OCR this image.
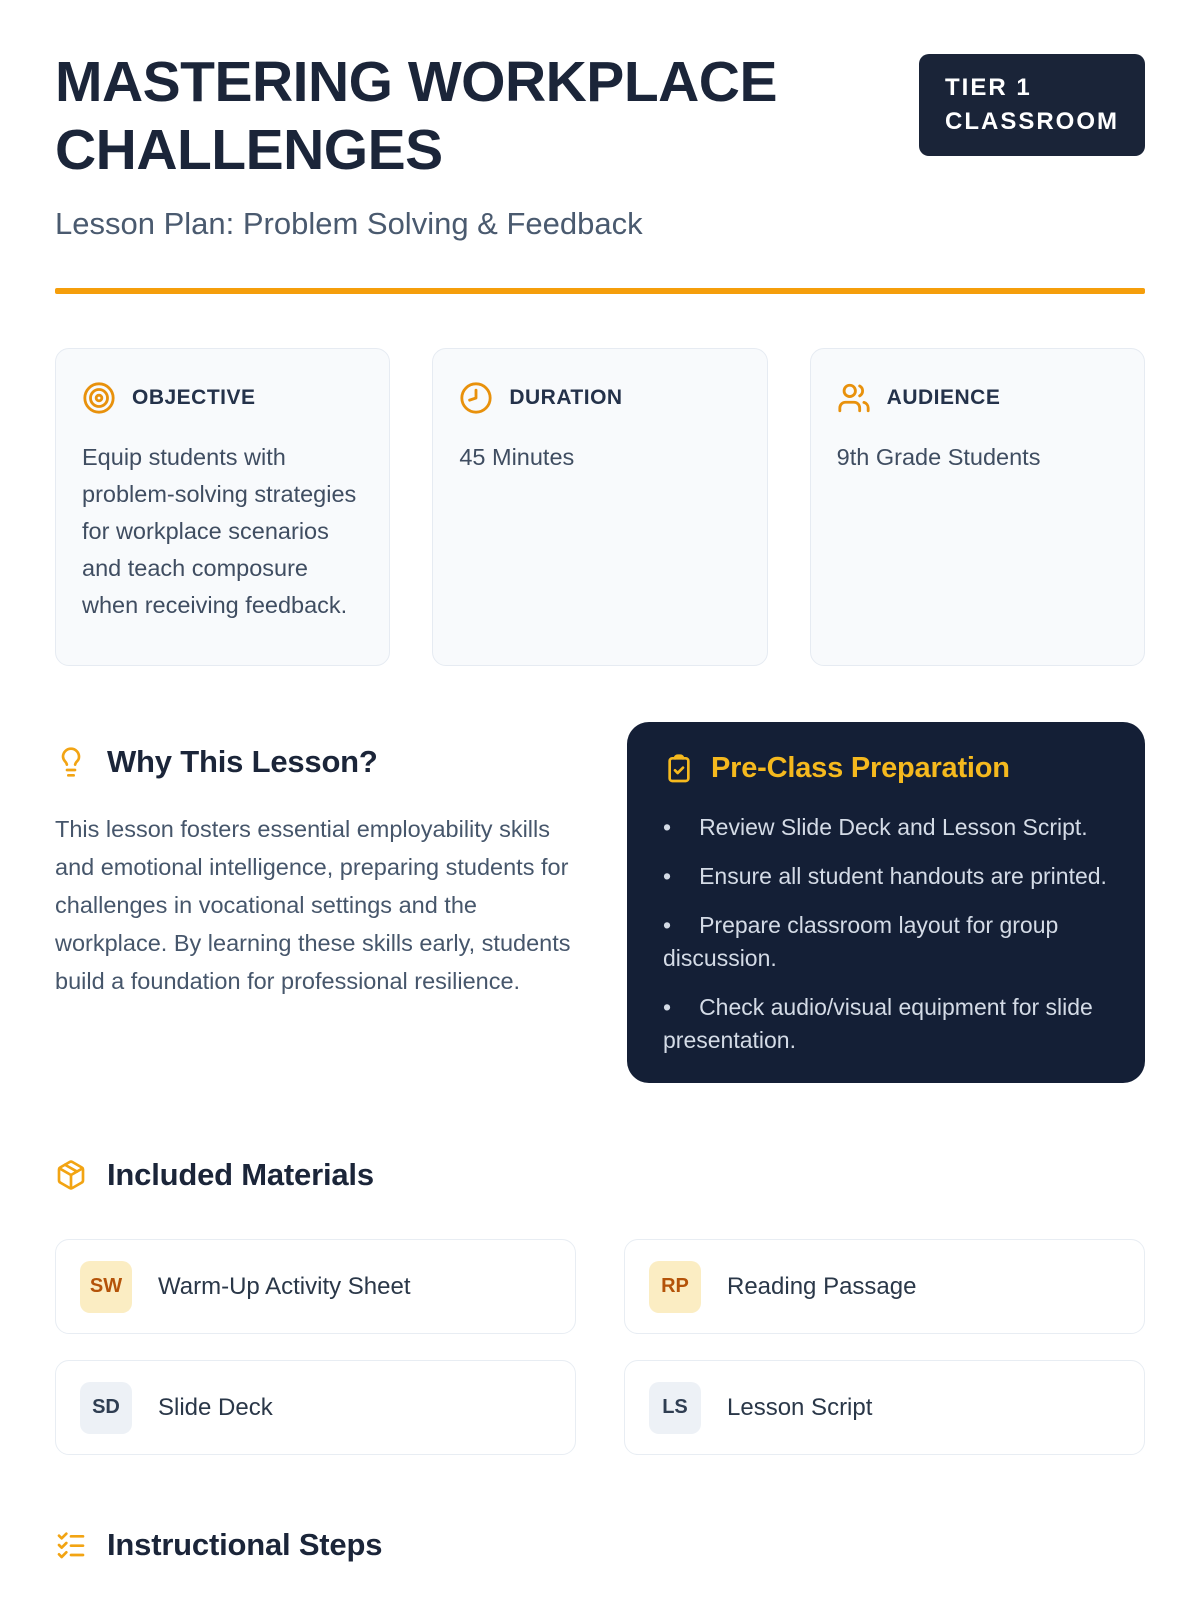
MASTERING WORKPLACE CHALLENGES
TIER 1
CLASSROOM
Lesson Plan: Problem Solving & Feedback
OBJECTIVE
Equip students with problem-solving strategies for workplace scenarios and teach composure when receiving feedback.
DURATION
45 Minutes
AUDIENCE
9th Grade Students
Why This Lesson?

This lesson fosters essential employability skills and emotional intelligence, preparing students for challenges in vocational settings and the workplace. By learning these skills early, students build a foundation for professional resilience.

Pre-Class Preparation

• Review Slide Deck and Lesson Script.

• Ensure all student handouts are printed.

• Prepare classroom layout for group discussion.

• Check audio/visual equipment for slide presentation.

Included Materials
SW	Warm-Up Activity Sheet	RP	Reading Passage
SD	Slide Deck	LS	Lesson Script
Instructional Steps
